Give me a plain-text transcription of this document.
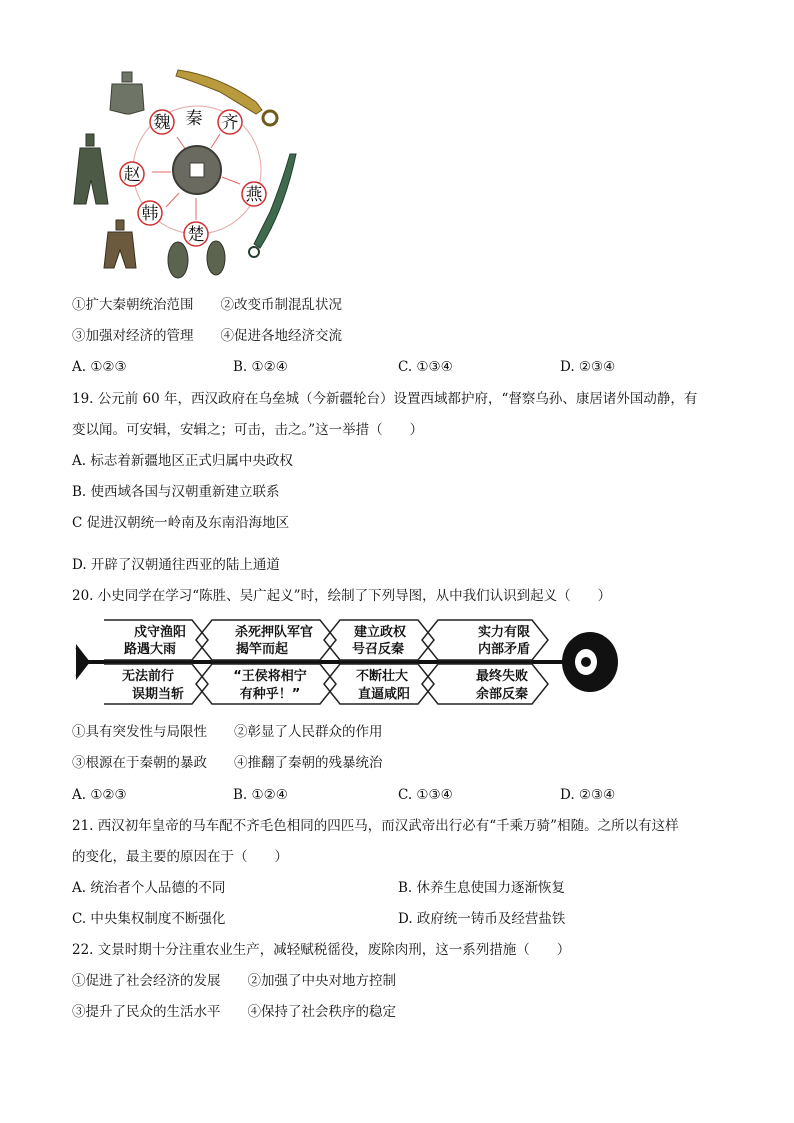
秦
魏	齐
燕
楚
韩
赵
①扩大秦朝统治范围　　②改变币制混乱状况
③加强对经济的管理　　④促进各地经济交流
A. ①②③	B. ①②④	C. ①③④	D. ②③④
19. 公元前 60 年，西汉政府在乌垒城（今新疆轮台）设置西域都护府，“督察乌孙、康居诸外国动静，有
变以闻。可安辑，安辑之；可击，击之。”这一举措（　　）
A. 标志着新疆地区正式归属中央政权
B. 使西域各国与汉朝重新建立联系
C 促进汉朝统一岭南及东南沿海地区
D. 开辟了汉朝通往西亚的陆上通道
20. 小史同学在学习“陈胜、吴广起义”时，绘制了下列导图，从中我们认识到起义（　　）
戍守渔阳
路遇大雨
杀死押队军官
揭竿而起
建立政权
号召反秦
实力有限
内部矛盾
无法前行
误期当斩
“王侯将相宁
有种乎！”
不断壮大
直逼咸阳
最终失败
余部反秦
①具有突发性与局限性　　②彰显了人民群众的作用
③根源在于秦朝的暴政　　④推翻了秦朝的残暴统治
A. ①②③	B. ①②④	C. ①③④	D. ②③④
21. 西汉初年皇帝的马车配不齐毛色相同的四匹马，而汉武帝出行必有“千乘万骑”相随。之所以有这样
的变化，最主要的原因在于（　　）
A. 统治者个人品德的不同	B. 休养生息使国力逐渐恢复
C. 中央集权制度不断强化	D. 政府统一铸币及经营盐铁
22. 文景时期十分注重农业生产，减轻赋税徭役，废除肉刑，这一系列措施（　　）
①促进了社会经济的发展　　②加强了中央对地方控制
③提升了民众的生活水平　　④保持了社会秩序的稳定
